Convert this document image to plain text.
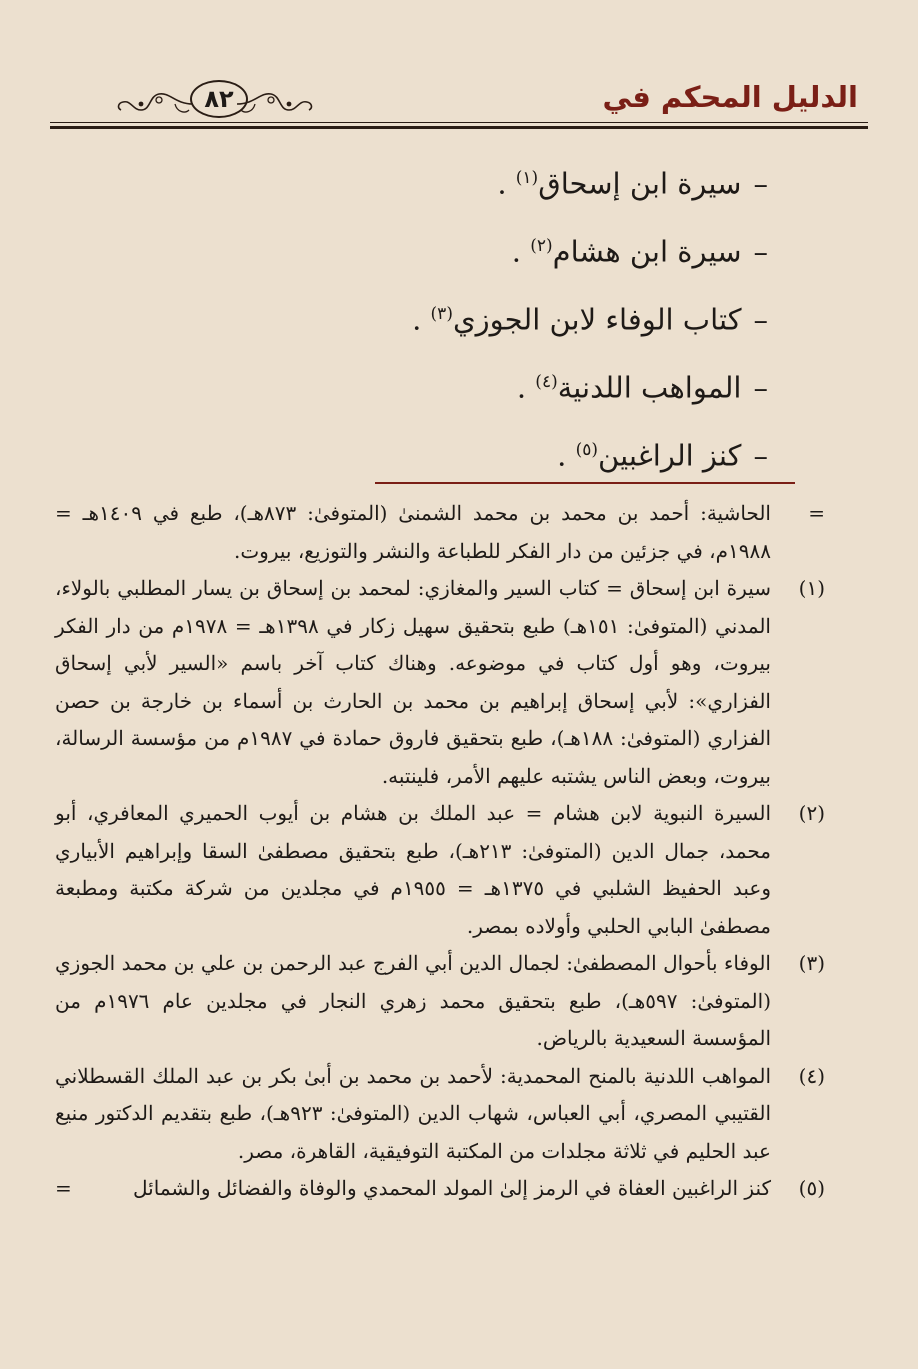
الدليل المحكم في
٨٢
–سيرة ابن إسحاق$^{(١)}$ .
–سيرة ابن هشام$^{(٢)}$ .
–كتاب الوفاء لابن الجوزي$^{(٣)}$ .
–المواهب اللدنية$^{(٤)}$ .
–كنز الراغبين$^{(٥)}$ .
=
الحاشية: أحمد بن محمد بن محمد الشمنىٰ (المتوفىٰ: ٨٧٣هـ)، طبع في ١٤٠٩هـ = ١٩٨٨م، في جزئين من دار الفكر للطباعة والنشر والتوزيع، بيروت.
(١)
سيرة ابن إسحاق = كتاب السير والمغازي: لمحمد بن إسحاق بن يسار المطلبي بالولاء، المدني (المتوفىٰ: ١٥١هـ) طبع بتحقيق سهيل زكار في ١٣٩٨هـ = ١٩٧٨م من دار الفكر بيروت، وهو أول كتاب في موضوعه. وهناك كتاب آخر باسم «السير لأبي إسحاق الفزاري»: لأبي إسحاق إبراهيم بن محمد بن الحارث بن أسماء بن خارجة بن حصن الفزاري (المتوفىٰ: ١٨٨هـ)، طبع بتحقيق فاروق حمادة في ١٩٨٧م من مؤسسة الرسالة، بيروت، وبعض الناس يشتبه عليهم الأمر، فلينتبه.
(٢)
السيرة النبوية لابن هشام = عبد الملك بن هشام بن أيوب الحميري المعافري، أبو محمد، جمال الدين (المتوفىٰ: ٢١٣هـ)، طبع بتحقيق مصطفىٰ السقا وإبراهيم الأبياري وعبد الحفيظ الشلبي في ١٣٧٥هـ = ١٩٥٥م في مجلدين من شركة مكتبة ومطبعة مصطفىٰ البابي الحلبي وأولاده بمصر.
(٣)
الوفاء بأحوال المصطفىٰ: لجمال الدين أبي الفرج عبد الرحمن بن علي بن محمد الجوزي (المتوفىٰ: ٥٩٧هـ)، طبع بتحقيق محمد زهري النجار في مجلدين عام ١٩٧٦م من المؤسسة السعيدية بالرياض.
(٤)
المواهب اللدنية بالمنح المحمدية: لأحمد بن محمد بن أبىٰ بكر بن عبد الملك القسطلاني القتيبي المصري، أبي العباس، شهاب الدين (المتوفىٰ: ٩٢٣هـ)، طبع بتقديم الدكتور منيع عبد الحليم في ثلاثة مجلدات من المكتبة التوفيقية، القاهرة، مصر.
(٥)
كنز الراغبين العفاة في الرمز إلىٰ المولد المحمدي والوفاة والفضائل والشمائل
=
